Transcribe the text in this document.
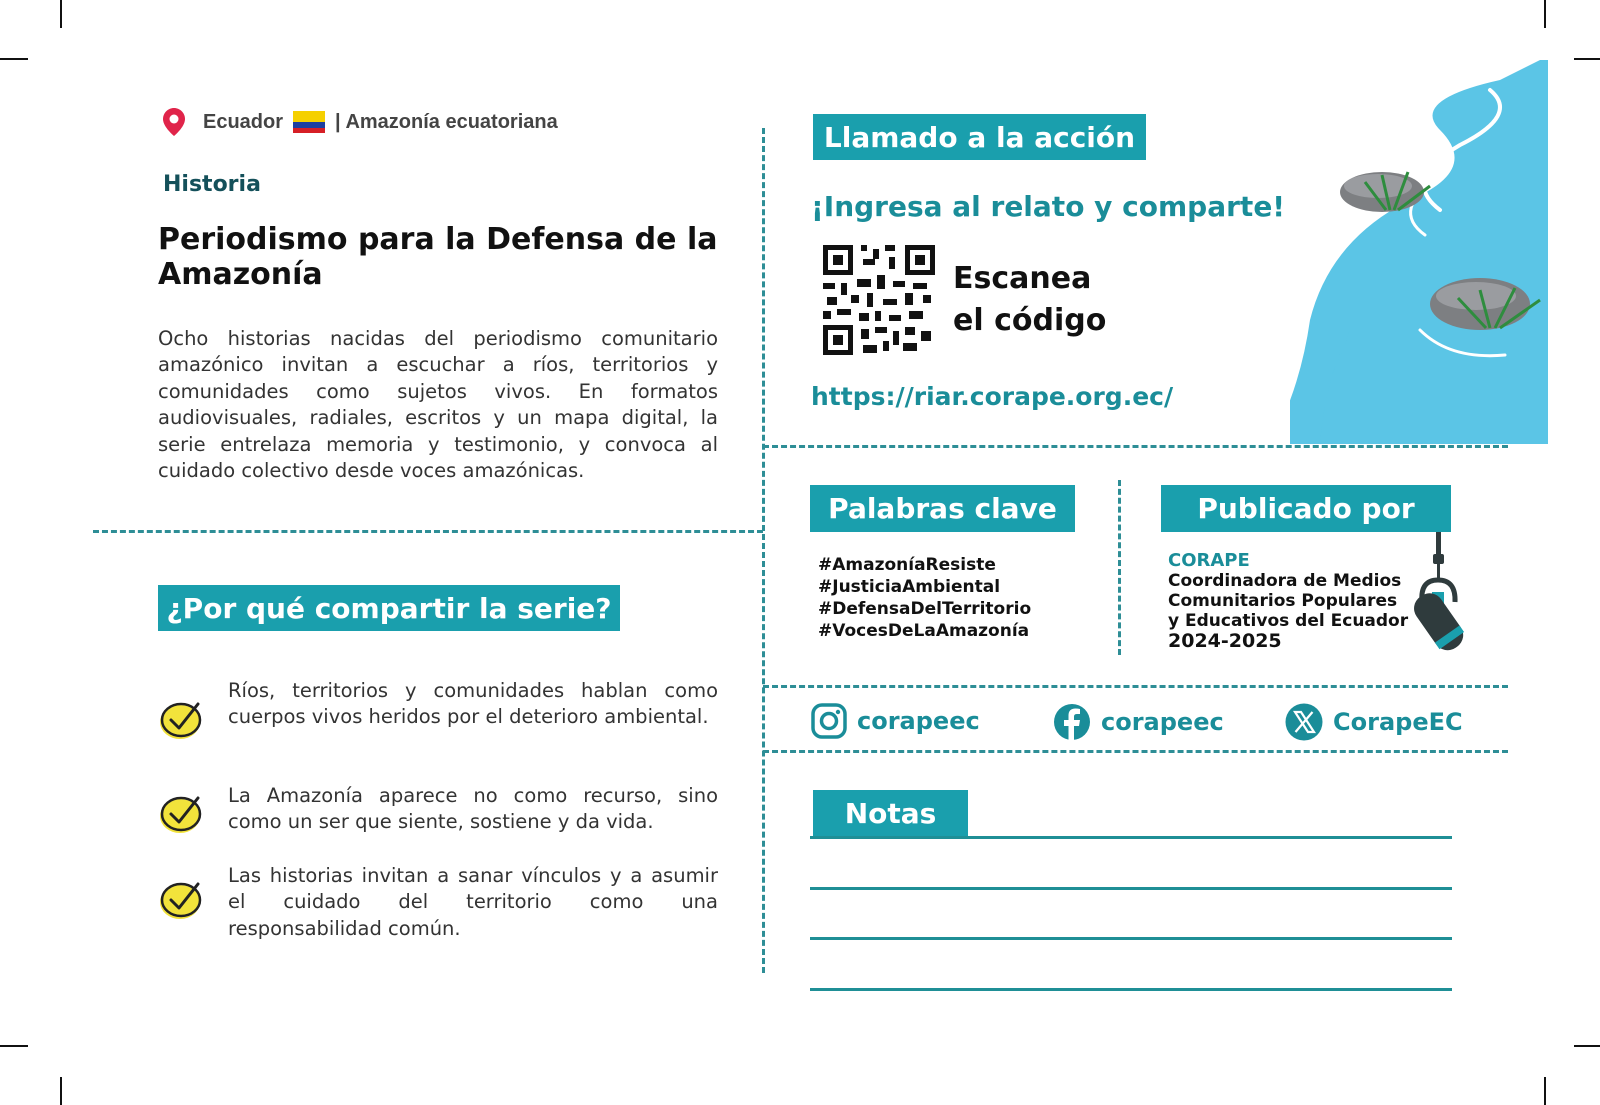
Ecuador	| Amazonía ecuatoriana
Historia
Periodismo para la Defensa de la Amazonía
Ocho historias nacidas del periodismo comunitario amazónico invitan a escuchar a ríos, territorios y comunidades como sujetos vivos. En formatos audiovisuales, radiales, escritos y un mapa digital, la serie entrelaza memoria y testimonio, y convoca al cuidado colectivo desde voces amazónicas.
¿Por qué compartir la serie?
Ríos, territorios y comunidades hablan como cuerpos vivos heridos por el deterioro ambiental.
La Amazonía aparece no como recurso, sino como un ser que siente, sostiene y da vida.
Las historias invitan a sanar vínculos y a asumir el cuidado del territorio como una responsabilidad común.
Llamado a la acción
¡Ingresa al relato y comparte!
Escanea
el código
https://riar.corape.org.ec/
Palabras clave
#AmazoníaResiste
#JusticiaAmbiental
#DefensaDelTerritorio
#VocesDeLaAmazonía
Publicado por
CORAPE
Coordinadora de Medios
Comunitarios Populares
y Educativos del Ecuador
2024-2025
corapeec	corapeec	CorapeEC
Notas
